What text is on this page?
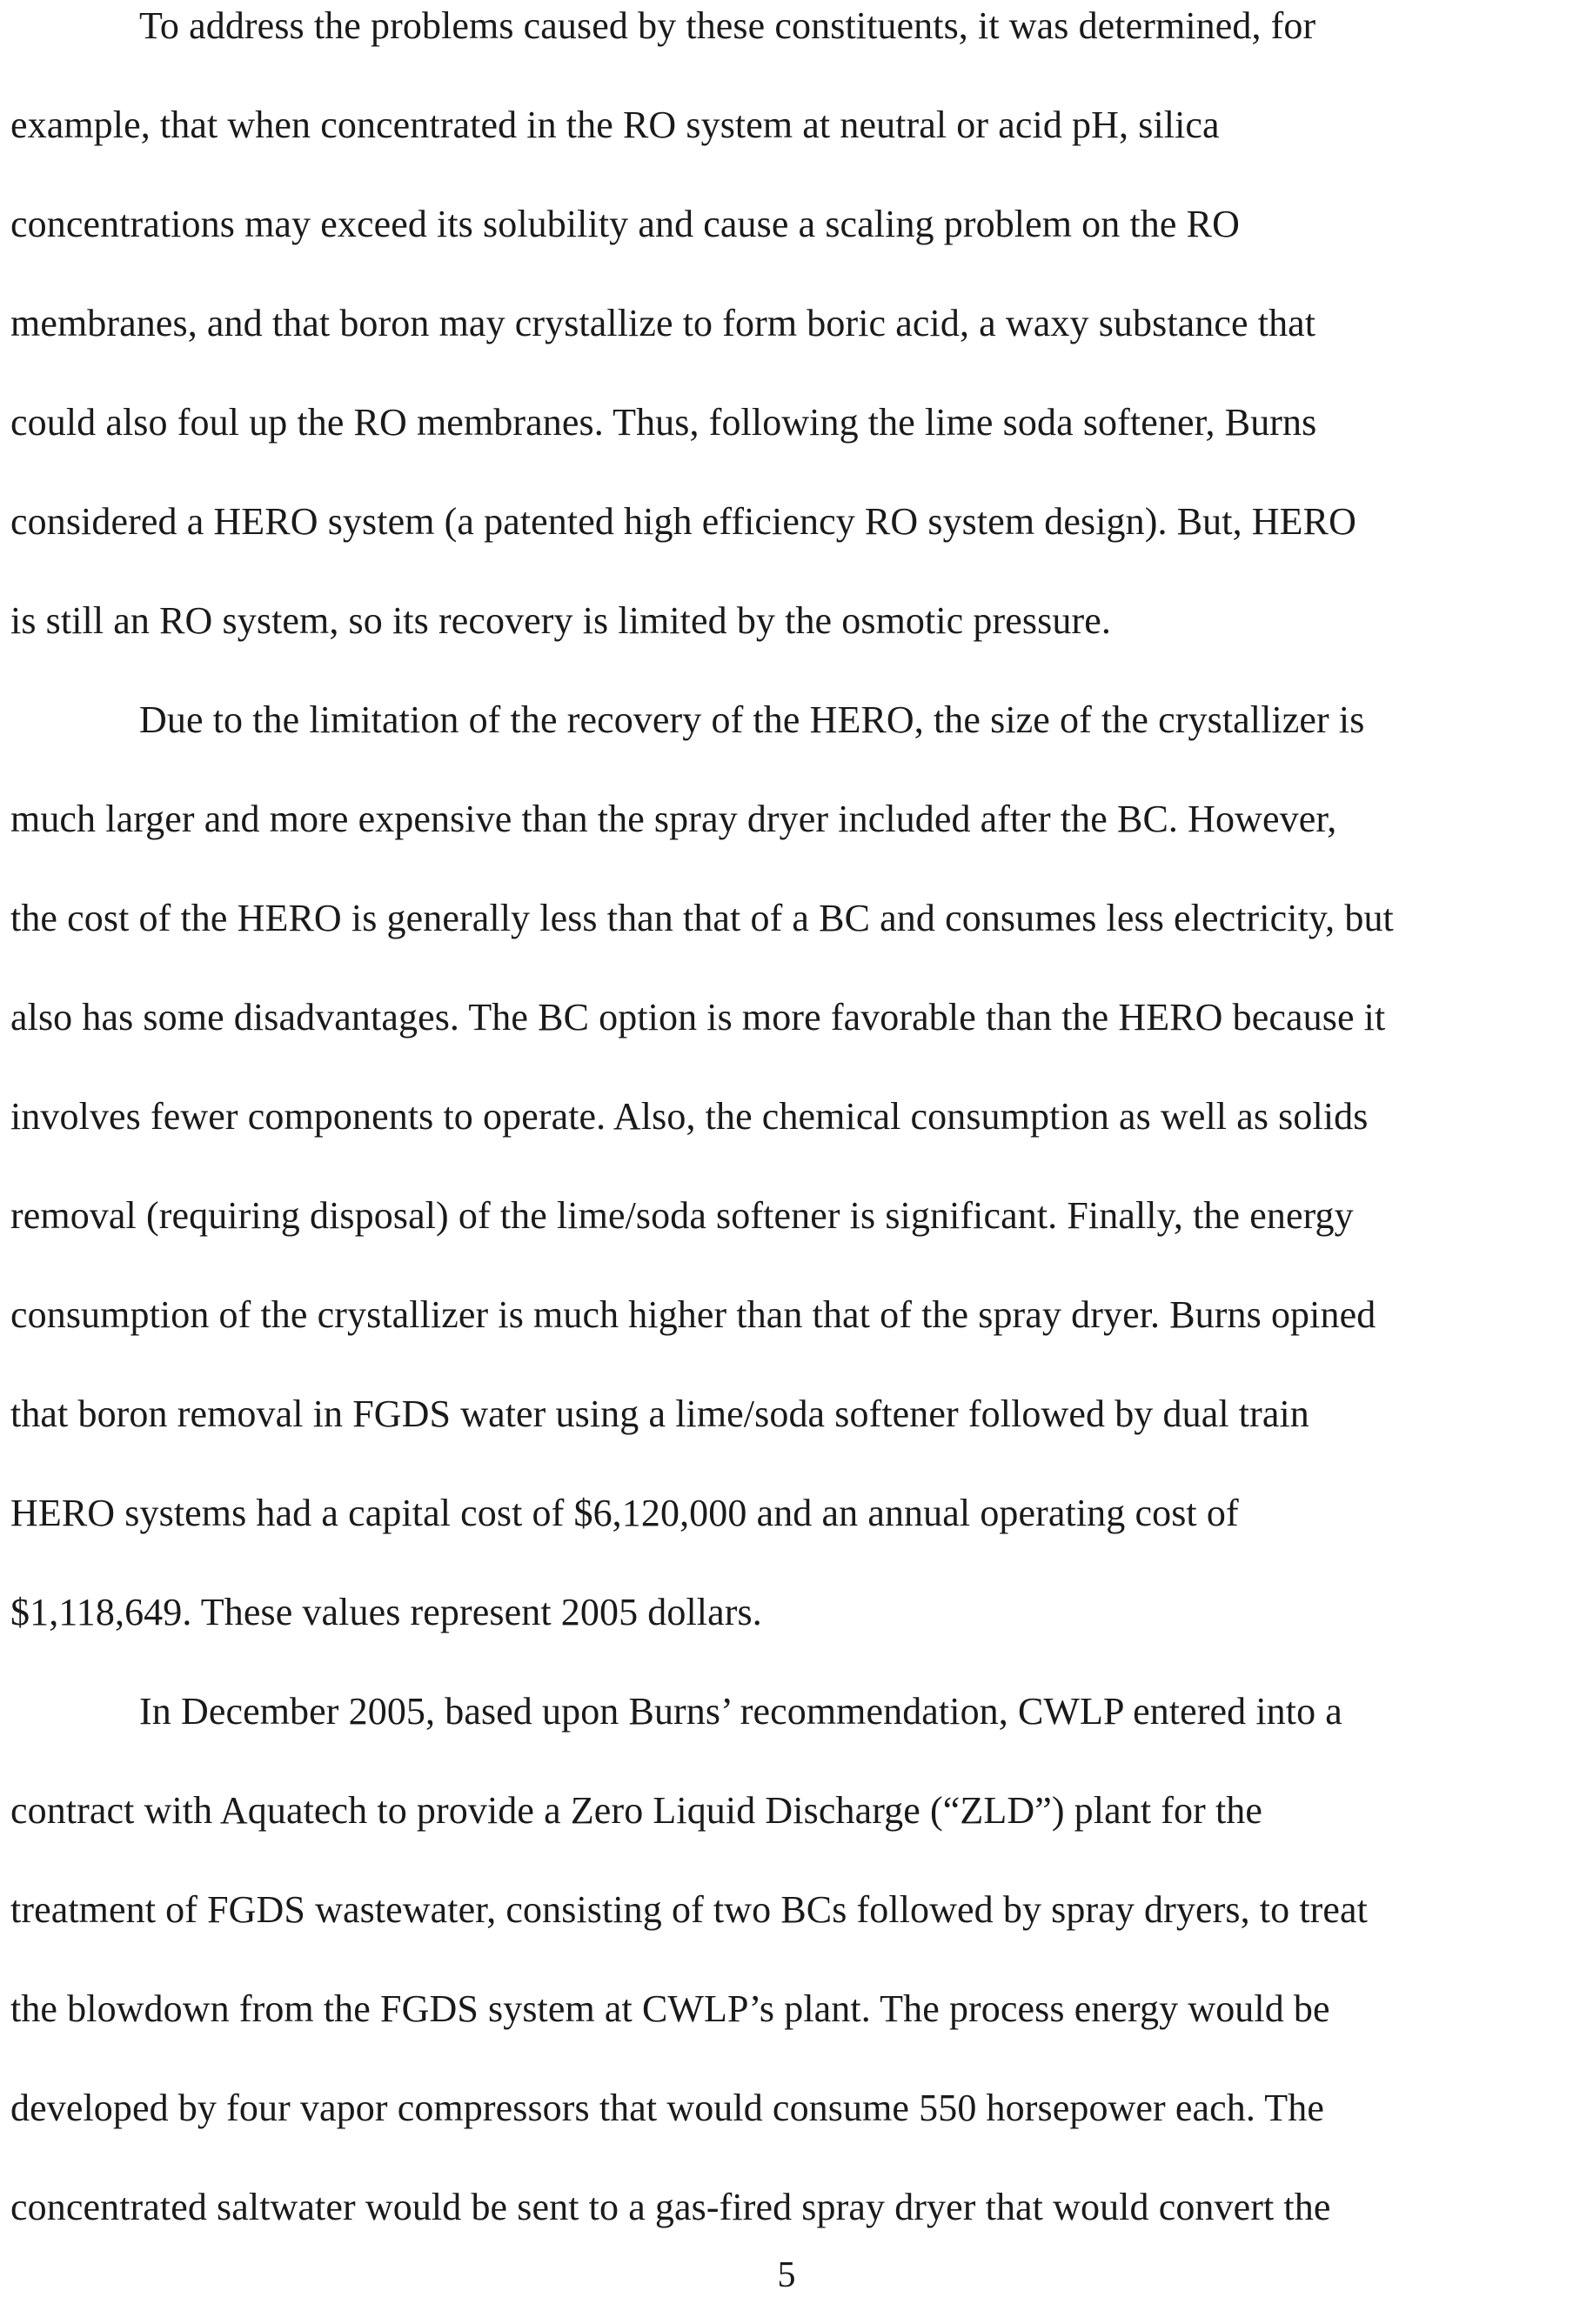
To address the problems caused by these constituents, it was determined, for
example, that when concentrated in the RO system at neutral or acid pH, silica
concentrations may exceed its solubility and cause a scaling problem on the RO
membranes, and that boron may crystallize to form boric acid, a waxy substance that
could also foul up the RO membranes. Thus, following the lime soda softener, Burns
considered a HERO system (a patented high efficiency RO system design). But, HERO
is still an RO system, so its recovery is limited by the osmotic pressure.
Due to the limitation of the recovery of the HERO, the size of the crystallizer is
much larger and more expensive than the spray dryer included after the BC. However,
the cost of the HERO is generally less than that of a BC and consumes less electricity, but
also has some disadvantages. The BC option is more favorable than the HERO because it
involves fewer components to operate. Also, the chemical consumption as well as solids
removal (requiring disposal) of the lime/soda softener is significant. Finally, the energy
consumption of the crystallizer is much higher than that of the spray dryer. Burns opined
that boron removal in FGDS water using a lime/soda softener followed by dual train
HERO systems had a capital cost of $6,120,000 and an annual operating cost of
$1,118,649. These values represent 2005 dollars.
In December 2005, based upon Burns’ recommendation, CWLP entered into a
contract with Aquatech to provide a Zero Liquid Discharge (“ZLD”) plant for the
treatment of FGDS wastewater, consisting of two BCs followed by spray dryers, to treat
the blowdown from the FGDS system at CWLP’s plant. The process energy would be
developed by four vapor compressors that would consume 550 horsepower each. The
concentrated saltwater would be sent to a gas-fired spray dryer that would convert the
5
